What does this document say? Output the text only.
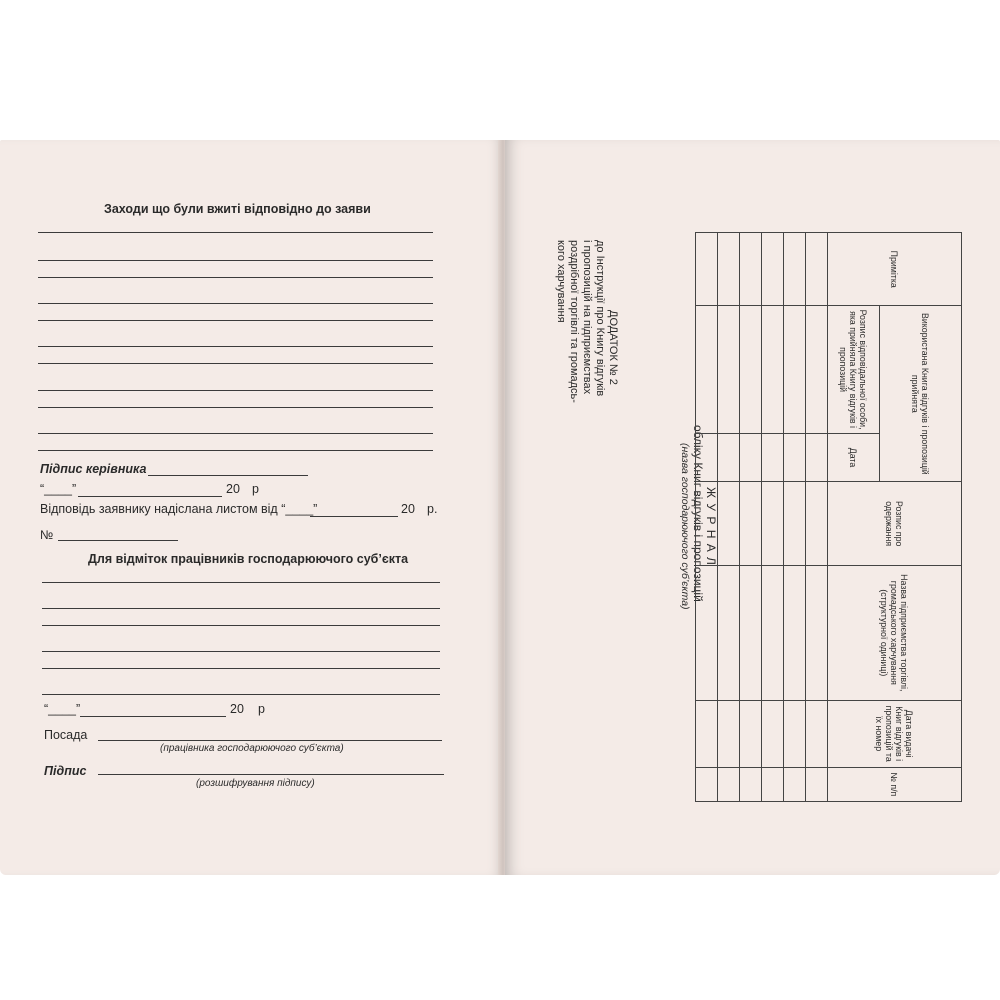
Заходи що були вжиті відповідно до заяви
Підпис керівника
“____”	20 р
Відповідь заявнику надіслана листом від “____”	20 р.
№
Для відміток працівників господарюючого суб’єкта
“____”	20 р
Посада
(працівника господарюючого суб’єкта)
Підпис
(розшифрування підпису)
ДОДАТОК № 2
до Інструкції про Книгу відгуків
і пропозицій на підприємствах
роздрібної торгівлі та громадсь-
кого харчування
Ж У Р Н А Л
обліку Книг відгуків і пропозицій
(назва господарюючого суб’єкта)
Примітка	Використана Книга відгуків і пропозицій прийнята		Розпис про одержання	Назва підприємства торгівлі, громадського харчування (структурної одиниці)	Дата видачі Книг відгуків і пропозицій та їх номер	№ п/п
	Розпис відповідальної особи, яка прийняла Книгу відгуків і пропозицій	Дата				
